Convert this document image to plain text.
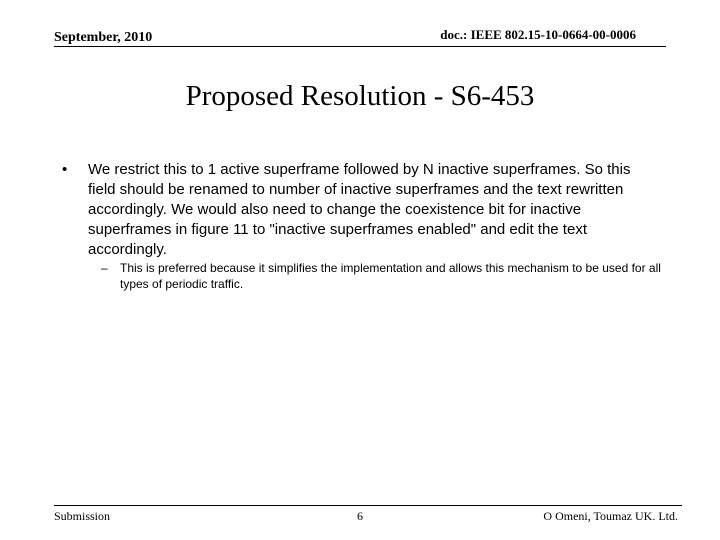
September, 2010	doc.: IEEE 802.15-10-0664-00-0006
Proposed Resolution - S6-453
• We restrict this to 1 active superframe followed by N inactive superframes. So this field should be renamed to number of inactive superframes and the text rewritten accordingly. We would also need to change the coexistence bit for inactive superframes in figure 11 to "inactive superframes enabled" and edit the text accordingly.
– This is preferred because it simplifies the implementation and allows this mechanism to be used for all types of periodic traffic.
Submission	6	O Omeni, Toumaz UK. Ltd.
